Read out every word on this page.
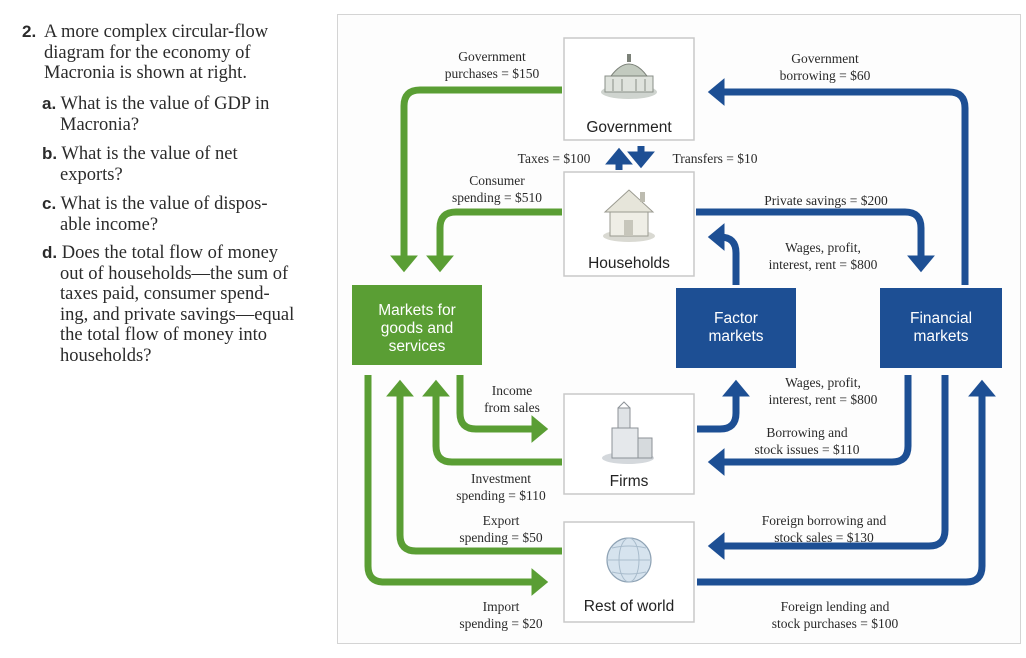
2. A more complex circular-flow
diagram for the economy of
Macronia is shown at right.
a. What is the value of GDP in
Macronia?
b. What is the value of net
exports?
c. What is the value of dispos-
able income?
d. Does the total flow of money
out of households—the sum of
taxes paid, consumer spend-
ing, and private savings—equal
the total flow of money into
households?
Government
Households
Firms
Rest of world
Markets for
goods and
services
Factor
markets
Financial
markets
Government
purchases = $150
Government
borrowing = $60
Taxes = $100	Transfers = $10
Consumer
spending = $510	Private savings = $200
Wages, profit,
interest, rent = $800
Wages, profit,
interest, rent = $800
Income
from sales
Borrowing and
stock issues = $110
Investment
spending = $110
Export
spending = $50
Foreign borrowing and
stock sales = $130
Import
spending = $20
Foreign lending and
stock purchases = $100
